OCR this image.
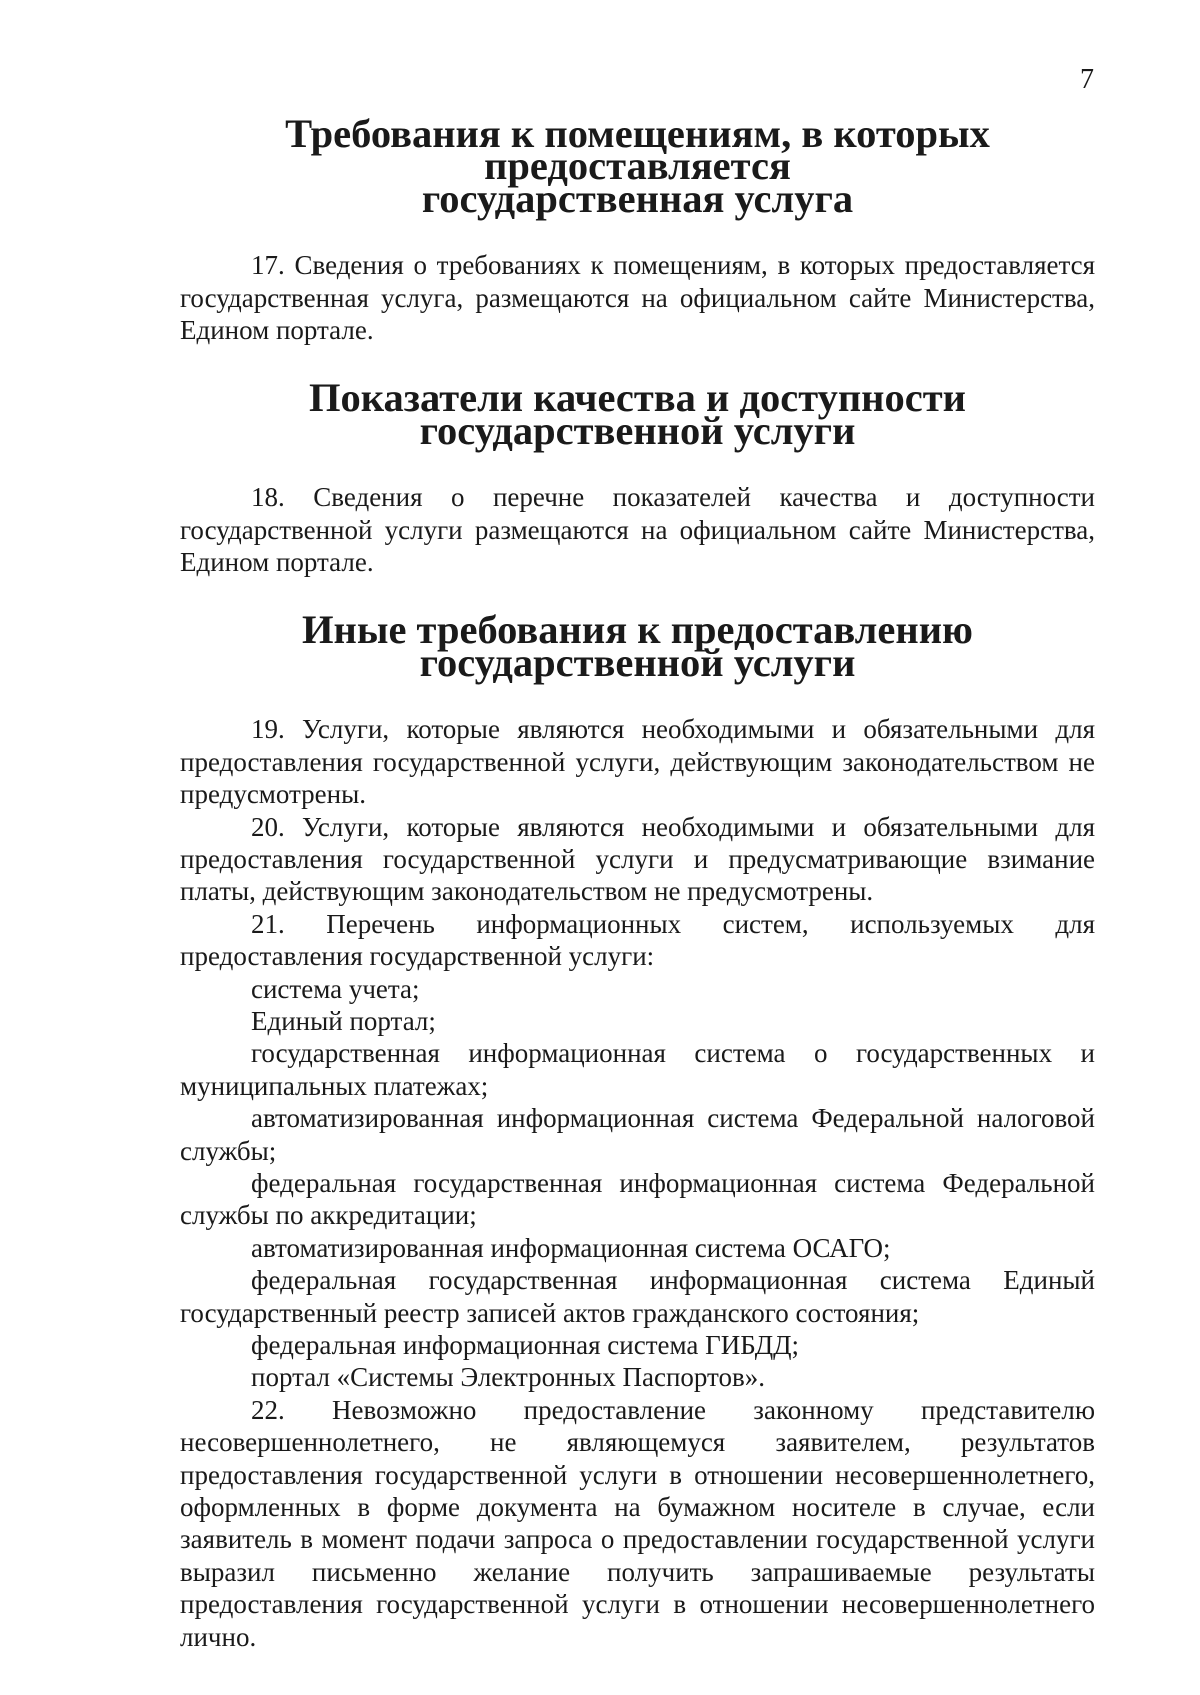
7
Требования к помещениям, в которых предоставляется
государственная услуга

17. Сведения о требованиях к помещениям, в которых предоставляется государственная услуга, размещаются на официальном сайте Министерства, Едином портале.

Показатели качества и доступности государственной услуги

18. Сведения о перечне показателей качества и доступности государственной услуги размещаются на официальном сайте Министерства, Едином портале.

Иные требования к предоставлению государственной услуги

19. Услуги, которые являются необходимыми и обязательными для предоставления государственной услуги, действующим законодательством не предусмотрены.

20. Услуги, которые являются необходимыми и обязательными для предоставления государственной услуги и предусматривающие взимание платы, действующим законодательством не предусмотрены.

21. Перечень информационных систем, используемых для предоставления государственной услуги:

система учета;

Единый портал;

государственная информационная система о государственных и муниципальных платежах;

автоматизированная информационная система Федеральной налоговой службы;

федеральная государственная информационная система Федеральной службы по аккредитации;

автоматизированная информационная система ОСАГО;

федеральная государственная информационная система Единый государственный реестр записей актов гражданского состояния;

федеральная информационная система ГИБДД;

портал «Системы Электронных Паспортов».

22. Невозможно предоставление законному представителю несовершеннолетнего, не являющемуся заявителем, результатов предоставления государственной услуги в отношении несовершеннолетнего, оформленных в форме документа на бумажном носителе в случае, если заявитель в момент подачи запроса о предоставлении государственной услуги выразил письменно желание получить запрашиваемые результаты предоставления государственной услуги в отношении несовершеннолетнего лично.
